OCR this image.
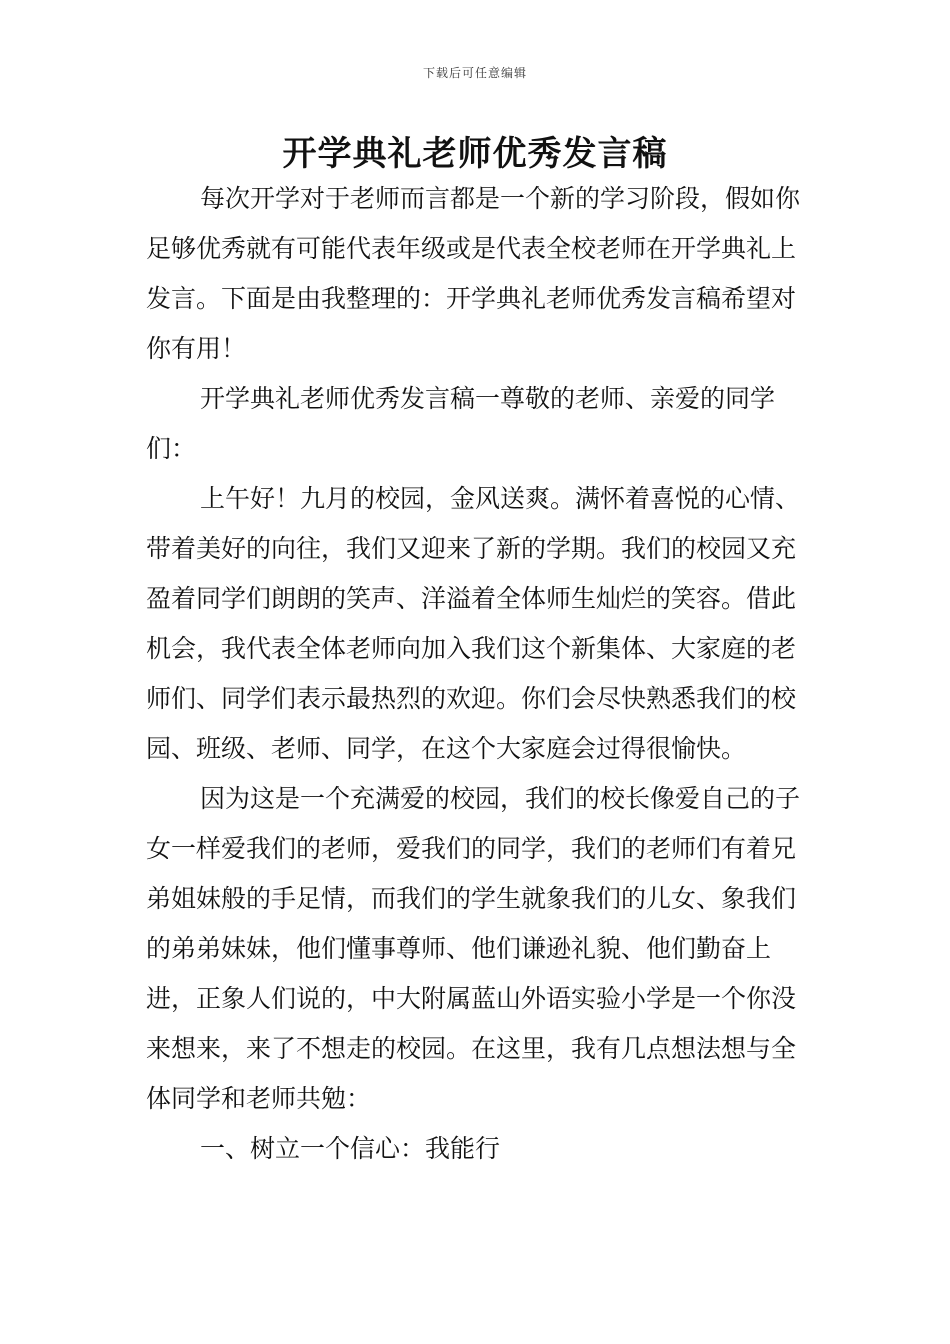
下载后可任意编辑
开学典礼老师优秀发言稿

每次开学对于老师而言都是一个新的学习阶段，假如你足够优秀就有可能代表年级或是代表全校老师在开学典礼上发言。下面是由我整理的：开学典礼老师优秀发言稿希望对你有用！

开学典礼老师优秀发言稿一尊敬的老师、亲爱的同学们：

上午好！九月的校园，金风送爽。满怀着喜悦的心情、带着美好的向往，我们又迎来了新的学期。我们的校园又充盈着同学们朗朗的笑声、洋溢着全体师生灿烂的笑容。借此机会，我代表全体老师向加入我们这个新集体、大家庭的老师们、同学们表示最热烈的欢迎。你们会尽快熟悉我们的校园、班级、老师、同学，在这个大家庭会过得很愉快。

因为这是一个充满爱的校园，我们的校长像爱自己的子女一样爱我们的老师，爱我们的同学，我们的老师们有着兄弟姐妹般的手足情，而我们的学生就象我们的儿女、象我们的弟弟妹妹，他们懂事尊师、他们谦逊礼貌、他们勤奋上进，正象人们说的，中大附属蓝山外语实验小学是一个你没来想来，来了不想走的校园。在这里，我有几点想法想与全体同学和老师共勉：

一、树立一个信心：我能行
